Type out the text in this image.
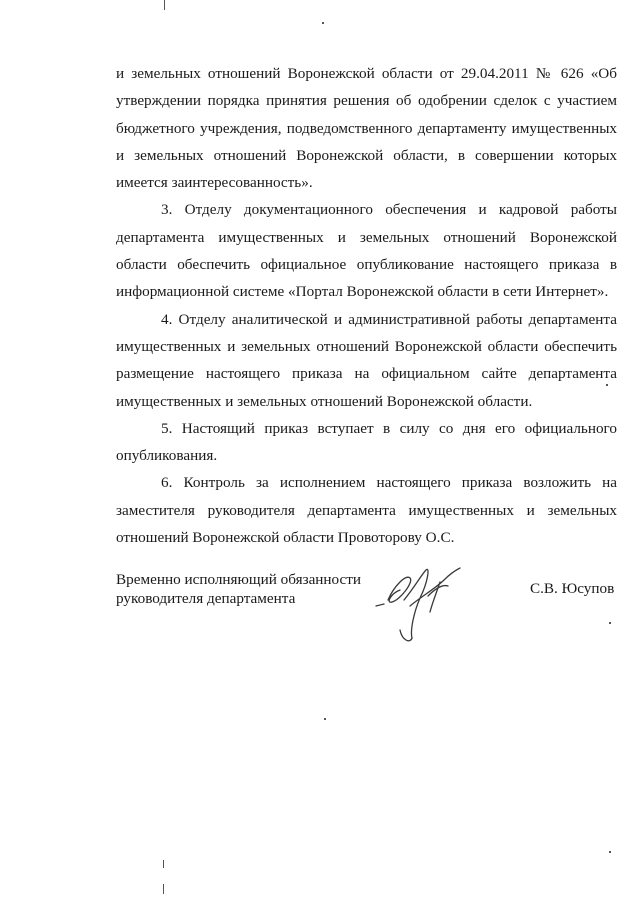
и земельных отношений Воронежской области от 29.04.2011 № 626 «Об утверждении порядка принятия решения об одобрении сделок с участием бюджетного учреждения, подведомственного департаменту имущественных и земельных отношений Воронежской области, в совершении которых имеется заинтересованность».

3. Отделу документационного обеспечения и кадровой работы департамента имущественных и земельных отношений Воронежской области обеспечить официальное опубликование настоящего приказа в информационной системе «Портал Воронежской области в сети Интернет».

4. Отделу аналитической и административной работы департамента имущественных и земельных отношений Воронежской области обеспечить размещение настоящего приказа на официальном сайте департамента имущественных и земельных отношений Воронежской области.

5. Настоящий приказ вступает в силу со дня его официального опубликования.

6. Контроль за исполнением настоящего приказа возложить на заместителя руководителя департамента имущественных и земельных отношений Воронежской области Провоторову О.С.

Временно исполняющий обязанности
руководителя департамента
С.В. Юсупов
